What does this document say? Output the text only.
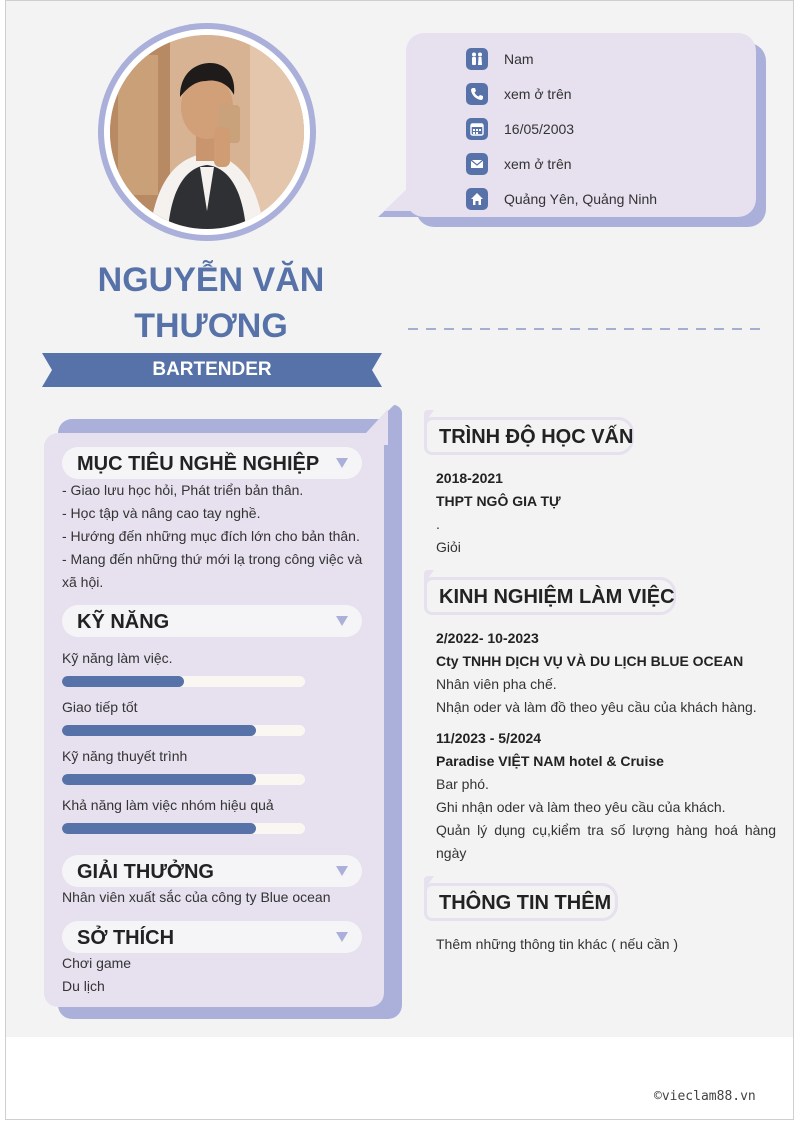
NGUYỄN VĂN
THƯƠNG
BARTENDER
Nam
xem ở trên
16/05/2003
xem ở trên
Quảng Yên, Quảng Ninh
MỤC TIÊU NGHỀ NGHIỆP
- Giao lưu học hỏi, Phát triển bản thân.
- Học tập và nâng cao tay nghề.
- Hướng đến những mục đích lớn cho bản thân.
- Mang đến những thứ mới lạ trong công việc và
xã hội.
KỸ NĂNG
Kỹ năng làm việc.
Giao tiếp tốt
Kỹ năng thuyết trình
Khả năng làm việc nhóm hiệu quả
GIẢI THƯỞNG
Nhân viên xuất sắc của công ty Blue ocean
SỞ THÍCH
Chơi game
Du lịch
TRÌNH ĐỘ HỌC VẤN
2018-2021
THPT NGÔ GIA TỰ
.
Giỏi
KINH NGHIỆM LÀM VIỆC
2/2022- 10-2023
Cty TNHH DỊCH VỤ VÀ DU LỊCH BLUE OCEAN
Nhân viên pha chế.
Nhận oder và làm đồ theo yêu cầu của khách hàng.
11/2023 - 5/2024
Paradise VIỆT NAM hotel & Cruise
Bar phó.
Ghi nhận oder và làm theo yêu cầu của khách.
Quản lý dụng cụ,kiểm tra số lượng hàng hoá hàng ngày
THÔNG TIN THÊM
Thêm những thông tin khác ( nếu cần )
©vieclam88.vn
